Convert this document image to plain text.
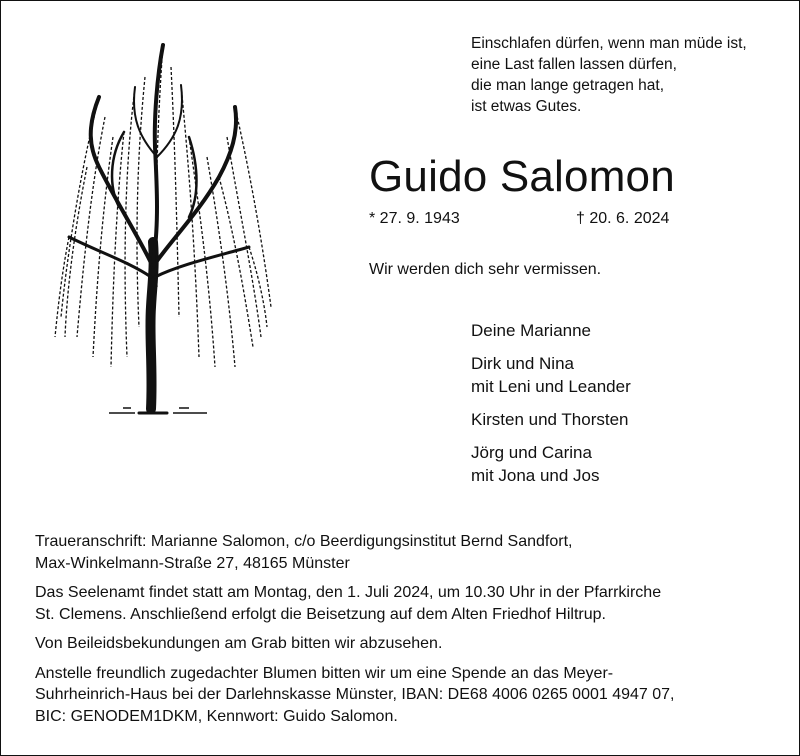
Einschlafen dürfen, wenn man müde ist,
eine Last fallen lassen dürfen,
die man lange getragen hat,
ist etwas Gutes.
Guido Salomon
* 27. 9. 1943	† 20. 6. 2024
Wir werden dich sehr vermissen.
Deine Marianne
Dirk und Nina
mit Leni und Leander
Kirsten und Thorsten
Jörg und Carina
mit Jona und Jos

Traueranschrift: Marianne Salomon, c/o Beerdigungsinstitut Bernd Sandfort,
Max-Winkelmann-Straße 27, 48165 Münster

Das Seelenamt findet statt am Montag, den 1. Juli 2024, um 10.30 Uhr in der Pfarrkirche
St. Clemens. Anschließend erfolgt die Beisetzung auf dem Alten Friedhof Hiltrup.

Von Beileidsbekundungen am Grab bitten wir abzusehen.

Anstelle freundlich zugedachter Blumen bitten wir um eine Spende an das Meyer-
Suhrheinrich-Haus bei der Darlehnskasse Münster, IBAN: DE68 4006 0265 0001 4947 07,
BIC: GENODEM1DKM, Kennwort: Guido Salomon.
